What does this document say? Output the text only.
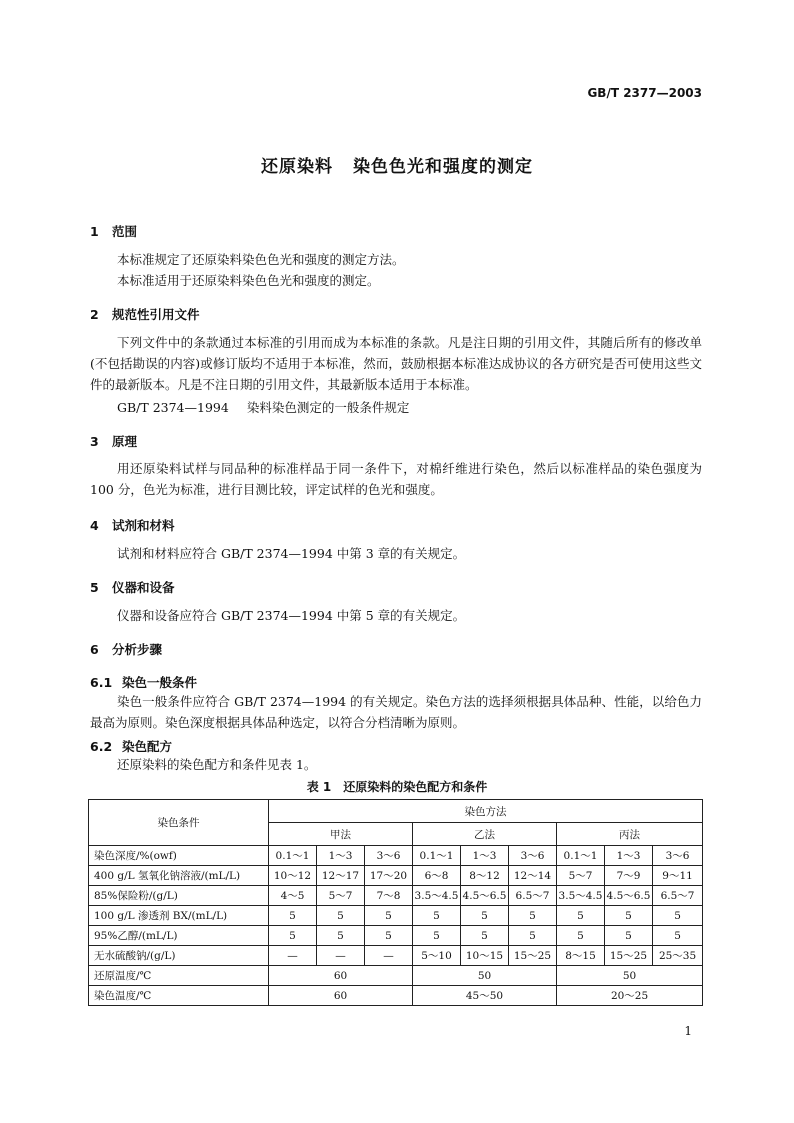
GB/T 2377—2003
还原染料 染色色光和强度的测定
1 范围
本标准规定了还原染料染色色光和强度的测定方法。
本标准适用于还原染料染色色光和强度的测定。
2 规范性引用文件
下列文件中的条款通过本标准的引用而成为本标准的条款。凡是注日期的引用文件，其随后所有的修改单(不包括勘误的内容)或修订版均不适用于本标准，然而，鼓励根据本标准达成协议的各方研究是否可使用这些文件的最新版本。凡是不注日期的引用文件，其最新版本适用于本标准。
GB/T 2374—1994 染料染色测定的一般条件规定
3 原理
用还原染料试样与同品种的标准样品于同一条件下，对棉纤维进行染色，然后以标准样品的染色强度为 100 分，色光为标准，进行目测比较，评定试样的色光和强度。
4 试剂和材料
试剂和材料应符合 GB/T 2374—1994 中第 3 章的有关规定。
5 仪器和设备
仪器和设备应符合 GB/T 2374—1994 中第 5 章的有关规定。
6 分析步骤
6.1 染色一般条件
染色一般条件应符合 GB/T 2374—1994 的有关规定。染色方法的选择须根据具体品种、性能，以给色力最高为原则。染色深度根据具体品种选定，以符合分档清晰为原则。
6.2 染色配方
还原染料的染色配方和条件见表 1。
表 1 还原染料的染色配方和条件
染色条件	染色方法								
	甲法			乙法			丙法		
染色深度/%(owf)	0.1～1	1～3	3～6	0.1～1	1～3	3～6	0.1～1	1～3	3～6
400 g/L 氢氧化钠溶液/(mL/L)	10～12	12～17	17～20	6～8	8～12	12～14	5～7	7～9	9～11
85%保险粉/(g/L)	4～5	5～7	7～8	3.5～4.5	4.5～6.5	6.5～7	3.5～4.5	4.5～6.5	6.5～7
100 g/L 渗透剂 BX/(mL/L)	5	5	5	5	5	5	5	5	5
95%乙醇/(mL/L)	5	5	5	5	5	5	5	5	5
无水硫酸钠/(g/L)	—	—	—	5～10	10～15	15～25	8～15	15～25	25～35
还原温度/℃	60			50			50		
染色温度/℃	60			45～50			20～25		
1
